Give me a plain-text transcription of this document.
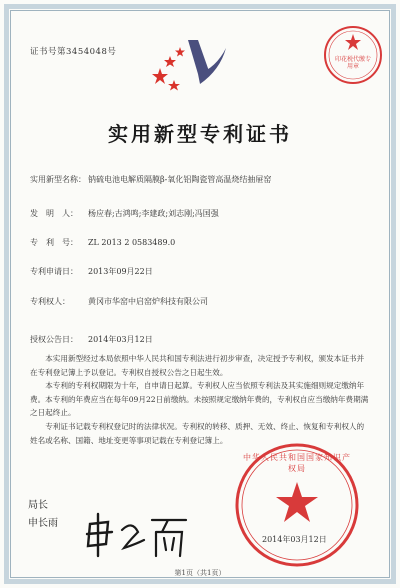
证书号第3454048号
印花税代缴专用章
实用新型专利证书
实用新型名称： 钠硫电池电解质隔膜β-氧化铝陶瓷管高温烧结抽屉窑
发　明　人： 杨应春;古鸿鸣;李建政;刘志刚;冯国强
专　利　号： ZL 2013 2 0583489.0
专利申请日： 2013年09月22日
专利权人： 黄冈市华窑中启窑炉科技有限公司
授权公告日： 2014年03月12日
本实用新型经过本局依照中华人民共和国专利法进行初步审查，决定授予专利权，颁发本证书并在专利登记簿上予以登记。专利权自授权公告之日起生效。
本专利的专利权期限为十年，自申请日起算。专利权人应当依照专利法及其实施细则规定缴纳年费。本专利的年费应当在每年09月22日前缴纳。未按照规定缴纳年费的，专利权自应当缴纳年费期满之日起终止。
专利证书记载专利权登记时的法律状况。专利权的转移、质押、无效、终止、恢复和专利权人的姓名或名称、国籍、地址变更等事项记载在专利登记簿上。
局长
申长雨
中华人民共和国国家知识产权局
2014年03月12日
第1页（共1页）
